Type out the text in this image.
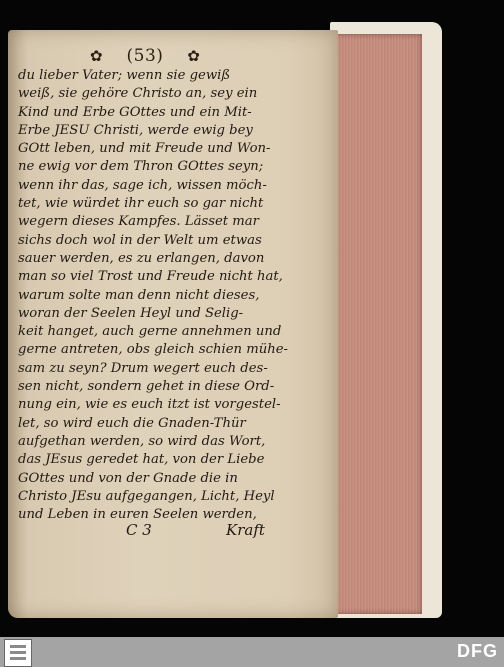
✿ (53) ✿
du lieber Vater; wenn sie gewiß
weiß, sie gehöre Christo an, sey ein
Kind und Erbe GOttes und ein Mit-
Erbe JESU Christi, werde ewig bey
GOtt leben, und mit Freude und Won-
ne ewig vor dem Thron GOttes seyn;
wenn ihr das, sage ich, wissen möch-
tet, wie würdet ihr euch so gar nicht
wegern dieses Kampfes. Lässet mar
sichs doch wol in der Welt um etwas
sauer werden, es zu erlangen, davon
man so viel Trost und Freude nicht hat,
warum solte man denn nicht dieses,
woran der Seelen Heyl und Selig-
keit hanget, auch gerne annehmen und
gerne antreten, obs gleich schien mühe-
sam zu seyn? Drum wegert euch des-
sen nicht, sondern gehet in diese Ord-
nung ein, wie es euch itzt ist vorgestel-
let, so wird euch die Gnaden-Thür
aufgethan werden, so wird das Wort,
das JEsus geredet hat, von der Liebe
GOttes und von der Gnade die in
Christo JEsu aufgegangen, Licht, Heyl
und Leben in euren Seelen werden,
C 3	Kraft
DFG
